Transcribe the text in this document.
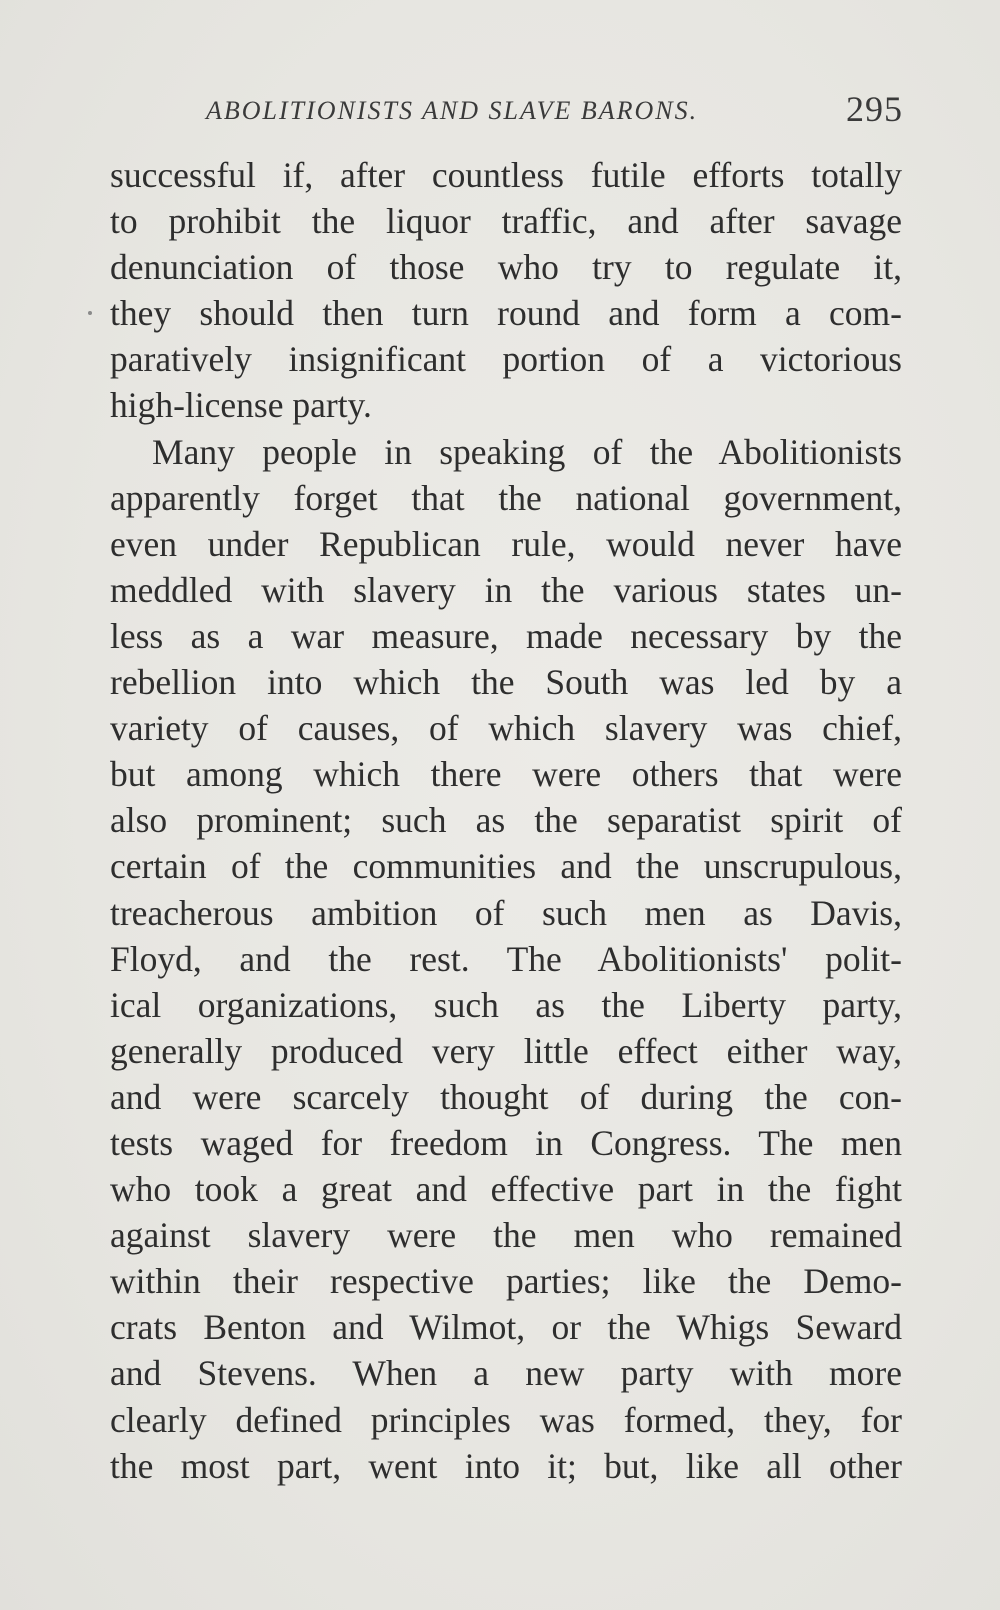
ABOLITIONISTS AND SLAVE BARONS.	295
successful if, after countless futile efforts totally
to prohibit the liquor traffic, and after savage
denunciation of those who try to regulate it,
they should then turn round and form a com-
paratively insignificant portion of a victorious
high-license party.
Many people in speaking of the Abolitionists
apparently forget that the national government,
even under Republican rule, would never have
meddled with slavery in the various states un-
less as a war measure, made necessary by the
rebellion into which the South was led by a
variety of causes, of which slavery was chief,
but among which there were others that were
also prominent; such as the separatist spirit of
certain of the communities and the unscrupulous,
treacherous ambition of such men as Davis,
Floyd, and the rest. The Abolitionists' polit-
ical organizations, such as the Liberty party,
generally produced very little effect either way,
and were scarcely thought of during the con-
tests waged for freedom in Congress. The men
who took a great and effective part in the fight
against slavery were the men who remained
within their respective parties; like the Demo-
crats Benton and Wilmot, or the Whigs Seward
and Stevens. When a new party with more
clearly defined principles was formed, they, for
the most part, went into it; but, like all other
